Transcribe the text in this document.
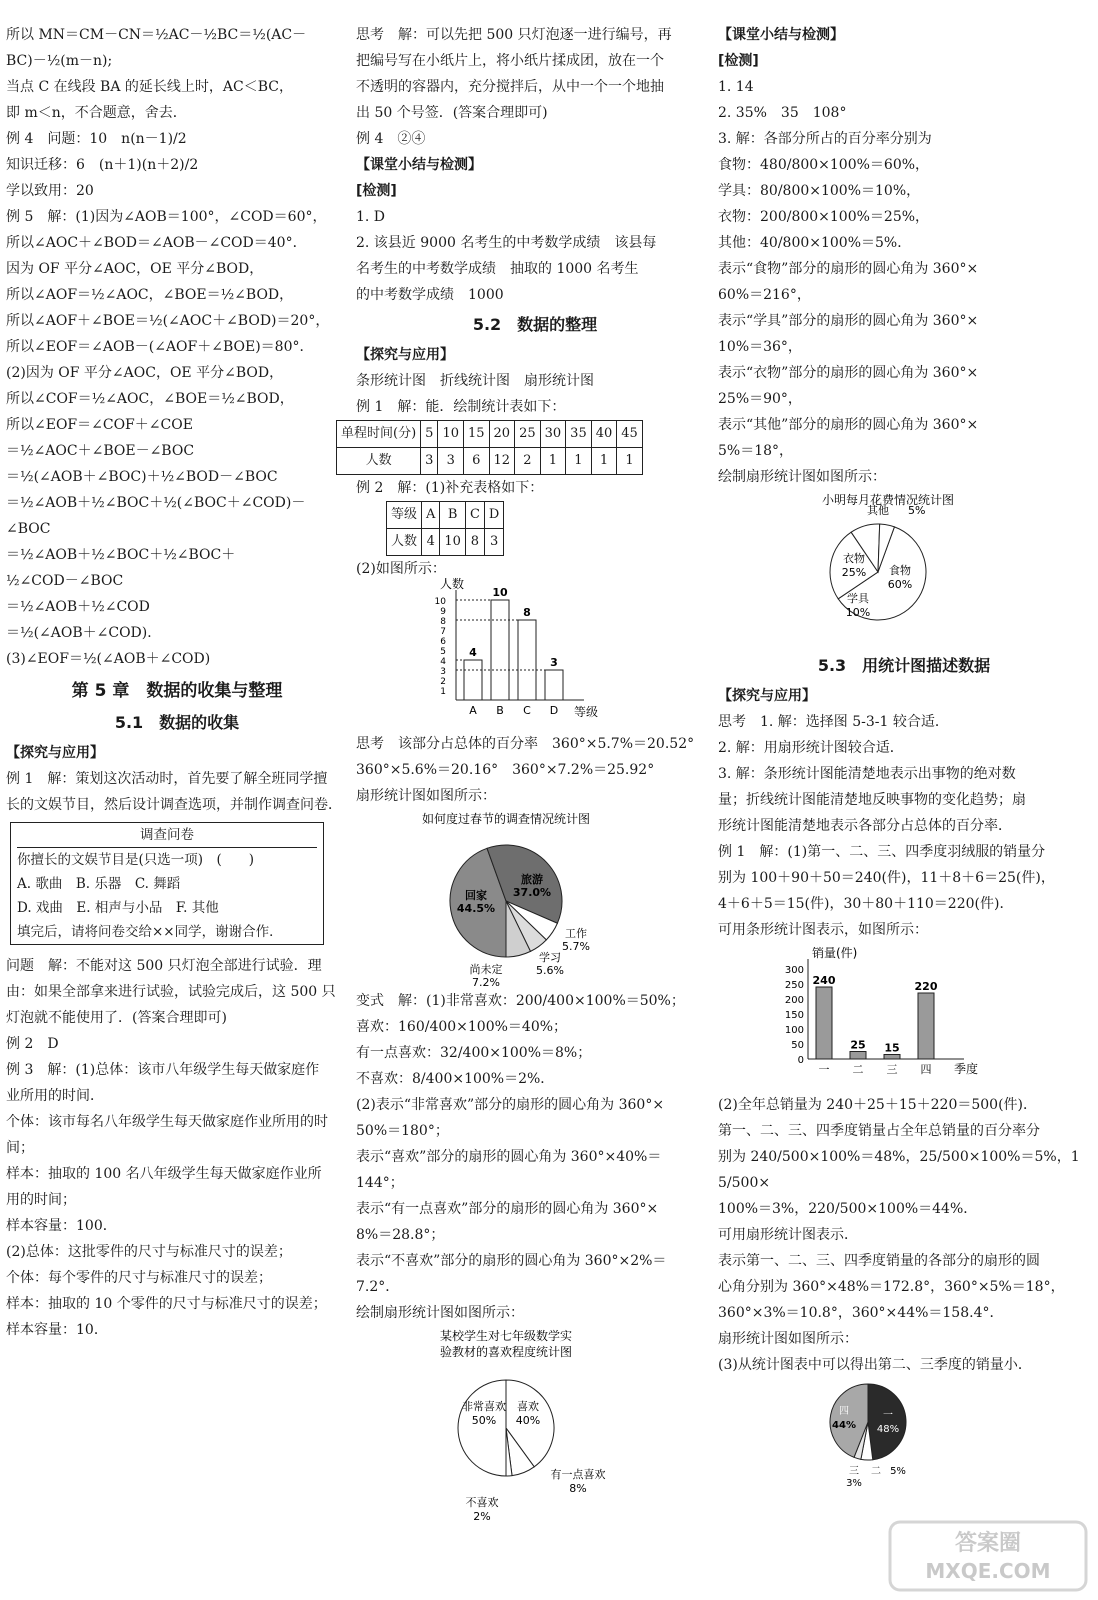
所以 MN＝CM－CN＝½AC－½BC＝½(AC－
BC)－½(m－n);
当点 C 在线段 BA 的延长线上时，AC＜BC，
即 m＜n，不合题意，舍去．
例 4　问题：10　n(n－1)/2
知识迁移：6　(n＋1)(n＋2)/2
学以致用：20
例 5　解：(1)因为∠AOB＝100°，∠COD＝60°，
所以∠AOC＋∠BOD＝∠AOB－∠COD＝40°．
因为 OF 平分∠AOC，OE 平分∠BOD，
所以∠AOF＝½∠AOC，∠BOE＝½∠BOD，
所以∠AOF＋∠BOE＝½(∠AOC＋∠BOD)＝20°，
所以∠EOF＝∠AOB－(∠AOF＋∠BOE)＝80°．
(2)因为 OF 平分∠AOC，OE 平分∠BOD，
所以∠COF＝½∠AOC，∠BOE＝½∠BOD，
所以∠EOF＝∠COF＋∠COE
＝½∠AOC＋∠BOE－∠BOC
＝½(∠AOB＋∠BOC)＋½∠BOD－∠BOC
＝½∠AOB＋½∠BOC＋½(∠BOC＋∠COD)－
∠BOC
＝½∠AOB＋½∠BOC＋½∠BOC＋
½∠COD－∠BOC
＝½∠AOB＋½∠COD
＝½(∠AOB＋∠COD)．
(3)∠EOF＝½(∠AOB＋∠COD)
第 5 章　数据的收集与整理
5.1　数据的收集
【探究与应用】
例 1　解：策划这次活动时，首先要了解全班同学擅
长的文娱节目，然后设计调查选项，并制作调查问卷．
调查问卷
你擅长的文娱节目是(只选一项)　(　　)
A. 歌曲　B. 乐器　C. 舞蹈
D. 戏曲　E. 相声与小品　F. 其他
填完后，请将问卷交给××同学，谢谢合作．
问题　解：不能对这 500 只灯泡全部进行试验．理
由：如果全部拿来进行试验，试验完成后，这 500 只
灯泡就不能使用了．(答案合理即可)
例 2　D
例 3　解：(1)总体：该市八年级学生每天做家庭作
业所用的时间．
个体：该市每名八年级学生每天做家庭作业所用的时间；
样本：抽取的 100 名八年级学生每天做家庭作业所
用的时间；
样本容量：100．
(2)总体：这批零件的尺寸与标准尺寸的误差；
个体：每个零件的尺寸与标准尺寸的误差；
样本：抽取的 10 个零件的尺寸与标准尺寸的误差；
样本容量：10．
思考　解：可以先把 500 只灯泡逐一进行编号，再
把编号写在小纸片上，将小纸片揉成团，放在一个
不透明的容器内，充分搅拌后，从中一个一个地抽
出 50 个号签．(答案合理即可)
例 4　②④
【课堂小结与检测】
[检测]
1. D
2. 该县近 9000 名考生的中考数学成绩　该县每
名考生的中考数学成绩　抽取的 1000 名考生
的中考数学成绩　1000
5.2　数据的整理
【探究与应用】
条形统计图　折线统计图　扇形统计图
例 1　解：能．绘制统计表如下：
单程时间(分)	5	10	15	20	25	30	35	40	45
人数	3	3	6	12	2	1	1	1	1
例 2　解：(1)补充表格如下：
等级	A	B	C	D
人数	4	10	8	3
(2)如图所示：
人数
等级
1
2
3
4
5
6
7
8
9
10
4
A
10
B
8
C
3
D
思考　该部分占总体的百分率　360°×5.7%＝20.52°
360°×5.6%＝20.16°　360°×7.2%＝25.92°
扇形统计图如图所示：
如何度过春节的调查情况统计图
回家
44.5%
旅游
37.0%
工作
5.7%
学习
5.6%
尚未定
7.2%
变式　解：(1)非常喜欢：200/400×100%＝50%；
喜欢：160/400×100%＝40%；
有一点喜欢：32/400×100%＝8%；
不喜欢：8/400×100%＝2%．
(2)表示“非常喜欢”部分的扇形的圆心角为 360°×
50%＝180°；
表示“喜欢”部分的扇形的圆心角为 360°×40%＝
144°；
表示“有一点喜欢”部分的扇形的圆心角为 360°×
8%＝28.8°；
表示“不喜欢”部分的扇形的圆心角为 360°×2%＝
7.2°．
绘制扇形统计图如图所示：
某校学生对七年级数学实
验教材的喜欢程度统计图
非常喜欢
50%
喜欢
40%
有一点喜欢
8%
不喜欢
2%
【课堂小结与检测】
[检测]
1. 14
2. 35%　35　108°
3. 解：各部分所占的百分率分别为
食物：480/800×100%＝60%，
学具：80/800×100%＝10%，
衣物：200/800×100%＝25%，
其他：40/800×100%＝5%．
表示“食物”部分的扇形的圆心角为 360°×
60%＝216°，
表示“学具”部分的扇形的圆心角为 360°×
10%＝36°，
表示“衣物”部分的扇形的圆心角为 360°×
25%＝90°，
表示“其他”部分的扇形的圆心角为 360°×
5%＝18°，
绘制扇形统计图如图所示：
小明每月花费情况统计图
食物
60%
衣物
25%
学具
10%
其他 5%
5.3　用统计图描述数据
【探究与应用】
思考　1. 解：选择图 5-3-1 较合适．
2. 解：用扇形统计图较合适．
3. 解：条形统计图能清楚地表示出事物的绝对数
量；折线统计图能清楚地反映事物的变化趋势；扇
形统计图能清楚地表示各部分占总体的百分率．
例 1　解：(1)第一、二、三、四季度羽绒服的销量分
别为 100＋90＋50＝240(件)，11＋8＋6＝25(件)，
4＋6＋5＝15(件)，30＋80＋110＝220(件)．
可用条形统计图表示，如图所示：
销量(件)
季度
0
50
100
150
200
250
300
240
一
25
二
15
三
220
四
(2)全年总销量为 240＋25＋15＋220＝500(件)．
第一、二、三、四季度销量占全年总销量的百分率分
别为 240/500×100%＝48%，25/500×100%＝5%，15/500×
100%＝3%，220/500×100%＝44%．
可用扇形统计图表示．
表示第一、二、三、四季度销量的各部分的扇形的圆
心角分别为 360°×48%＝172.8°，360°×5%＝18°，
360°×3%＝10.8°，360°×44%＝158.4°．
扇形统计图如图所示：
(3)从统计图表中可以得出第二、三季度的销量小．
四
44%
一
48%
三
3%
二 5%
答案圈
MXQE.COM
